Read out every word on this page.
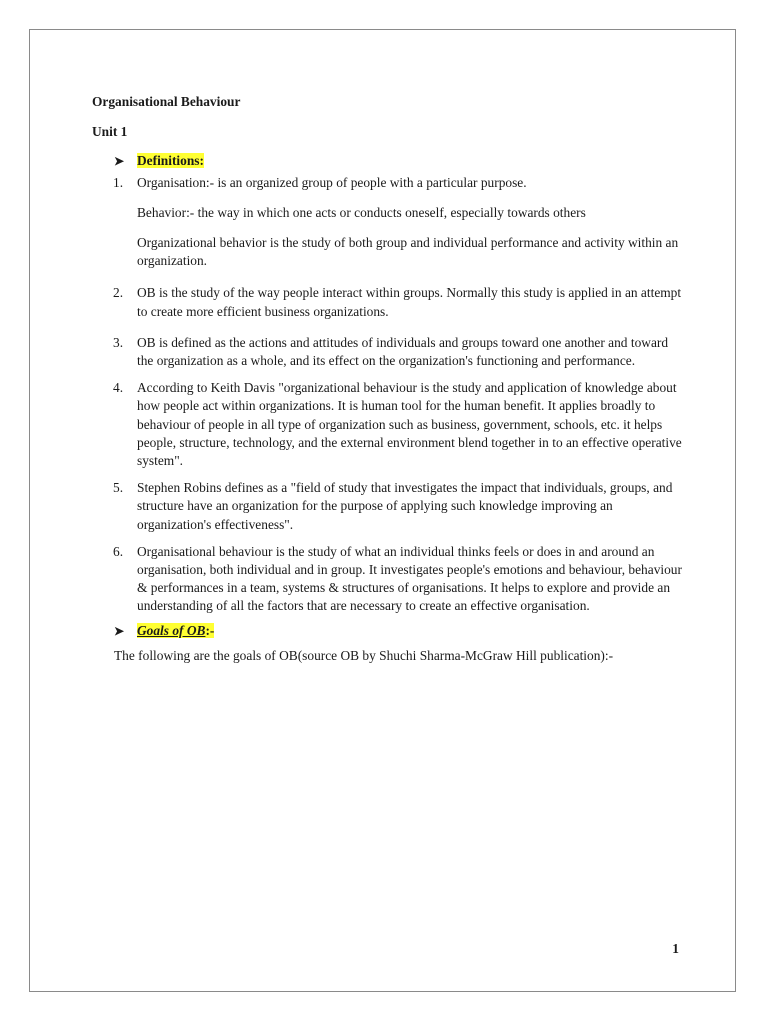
Organisational Behaviour
Unit 1
➤ Definitions:
1. Organisation:- is an organized group of people with a particular purpose.
Behavior:- the way in which one acts or conducts oneself, especially towards others
Organizational behavior is the study of both group and individual performance and activity within an organization.
2. OB is the study of the way people interact within groups. Normally this study is applied in an attempt to create more efficient business organizations.
3. OB is defined as the actions and attitudes of individuals and groups toward one another and toward the organization as a whole, and its effect on the organization's functioning and performance.
4. According to Keith Davis "organizational behaviour is the study and application of knowledge about how people act within organizations. It is human tool for the human benefit. It applies broadly to behaviour of people in all type of organization such as business, government, schools, etc. it helps people, structure, technology, and the external environment blend together in to an effective operative system".
5. Stephen Robins defines as a "field of study that investigates the impact that individuals, groups, and structure have an organization for the purpose of applying such knowledge improving an organization's effectiveness".
6. Organisational behaviour is the study of what an individual thinks feels or does in and around an organisation, both individual and in group. It investigates people's emotions and behaviour, behaviour & performances in a team, systems & structures of organisations. It helps to explore and provide an understanding of all the factors that are necessary to create an effective organisation.
➤ Goals of OB:-
The following are the goals of OB(source OB by Shuchi Sharma-McGraw Hill publication):-
1
